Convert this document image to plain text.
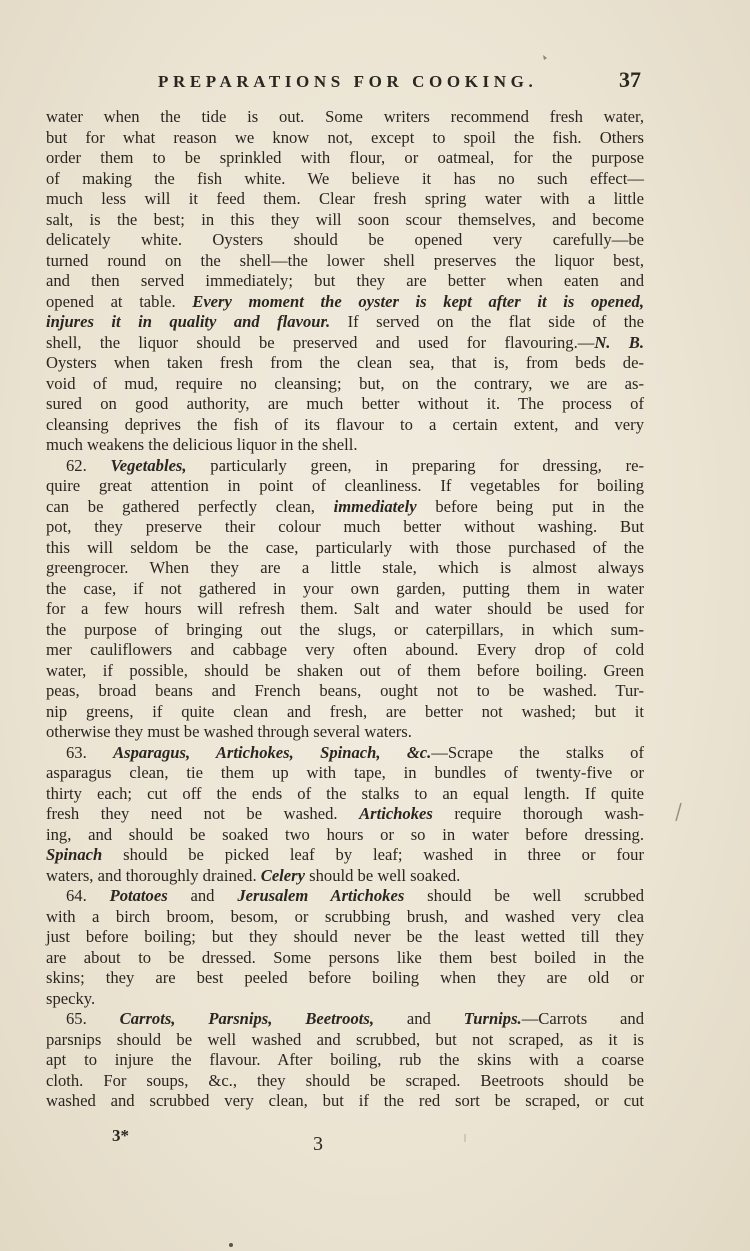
PREPARATIONS FOR COOKING.	37
water when the tide is out. Some writers recommend fresh water,
but for what reason we know not, except to spoil the fish. Others
order them to be sprinkled with flour, or oatmeal, for the purpose
of making the fish white. We believe it has no such effect—
much less will it feed them. Clear fresh spring water with a little
salt, is the best; in this they will soon scour themselves, and become
delicately white. Oysters should be opened very carefully—be
turned round on the shell—the lower shell preserves the liquor best,
and then served immediately; but they are better when eaten and
opened at table. Every moment the oyster is kept after it is opened,
injures it in quality and flavour. If served on the flat side of the
shell, the liquor should be preserved and used for flavouring.—N. B.
Oysters when taken fresh from the clean sea, that is, from beds de-
void of mud, require no cleansing; but, on the contrary, we are as-
sured on good authority, are much better without it. The process of
cleansing deprives the fish of its flavour to a certain extent, and very
much weakens the delicious liquor in the shell.
62. Vegetables, particularly green, in preparing for dressing, re-
quire great attention in point of cleanliness. If vegetables for boiling
can be gathered perfectly clean, immediately before being put in the
pot, they preserve their colour much better without washing. But
this will seldom be the case, particularly with those purchased of the
greengrocer. When they are a little stale, which is almost always
the case, if not gathered in your own garden, putting them in water
for a few hours will refresh them. Salt and water should be used for
the purpose of bringing out the slugs, or caterpillars, in which sum-
mer cauliflowers and cabbage very often abound. Every drop of cold
water, if possible, should be shaken out of them before boiling. Green
peas, broad beans and French beans, ought not to be washed. Tur-
nip greens, if quite clean and fresh, are better not washed; but it
otherwise they must be washed through several waters.
63. Asparagus, Artichokes, Spinach, &c.—Scrape the stalks of
asparagus clean, tie them up with tape, in bundles of twenty-five or
thirty each; cut off the ends of the stalks to an equal length. If quite
fresh they need not be washed. Artichokes require thorough wash-
ing, and should be soaked two hours or so in water before dressing.
Spinach should be picked leaf by leaf; washed in three or four
waters, and thoroughly drained. Celery should be well soaked.
64. Potatoes and Jerusalem Artichokes should be well scrubbed
with a birch broom, besom, or scrubbing brush, and washed very clea
just before boiling; but they should never be the least wetted till they
are about to be dressed. Some persons like them best boiled in the
skins; they are best peeled before boiling when they are old or
specky.
65. Carrots, Parsnips, Beetroots, and Turnips.—Carrots and
parsnips should be well washed and scrubbed, but not scraped, as it is
apt to injure the flavour. After boiling, rub the skins with a coarse
cloth. For soups, &c., they should be scraped. Beetroots should be
washed and scrubbed very clean, but if the red sort be scraped, or cut
3*	3
